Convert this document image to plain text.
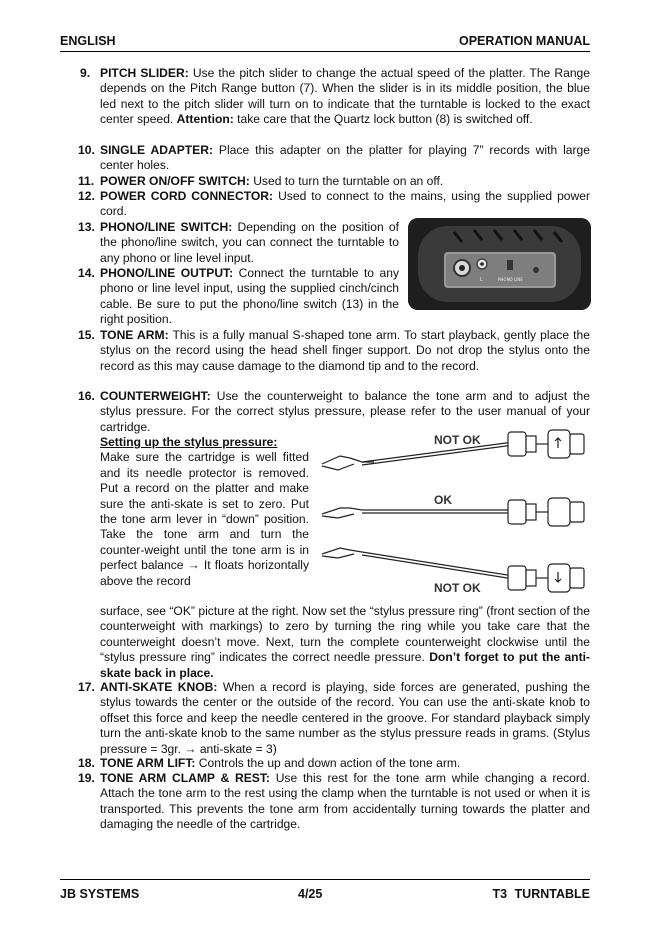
ENGLISH	OPERATION MANUAL
9. PITCH SLIDER: Use the pitch slider to change the actual speed of the platter. The Range depends on the Pitch Range button (7). When the slider is in its middle position, the blue led next to the pitch slider will turn on to indicate that the turntable is locked to the exact center speed. Attention: take care that the Quartz lock button (8) is switched off.
10. SINGLE ADAPTER: Place this adapter on the platter for playing 7” records with large center holes.
11. POWER ON/OFF SWITCH: Used to turn the turntable on an off.
12. POWER CORD CONNECTOR: Used to connect to the mains, using the supplied power cord.
13. PHONO/LINE SWITCH: Depending on the position of the phono/line switch, you can connect the turntable to any phono or line level input.
14. PHONO/LINE OUTPUT: Connect the turntable to any phono or line level input, using the supplied cinch/cinch cable. Be sure to put the phono/line switch (13) in the right position.
15. TONE ARM: This is a fully manual S-shaped tone arm. To start playback, gently place the stylus on the record using the head shell finger support. Do not drop the stylus onto the record as this may cause damage to the diamond tip and to the record.
16. COUNTERWEIGHT: Use the counterweight to balance the tone arm and to adjust the stylus pressure. For the correct stylus pressure, please refer to the user manual of your cartridge.
Setting up the stylus pressure:
Make sure the cartridge is well fitted and its needle protector is removed. Put a record on the platter and make sure the anti-skate is set to zero. Put the tone arm lever in “down” position. Take the tone arm and turn the counter-weight until the tone arm is in perfect balance → It floats horizontally above the record
surface, see “OK” picture at the right. Now set the “stylus pressure ring” (front section of the counterweight with markings) to zero by turning the ring while you take care that the counterweight doesn’t move. Next, turn the complete counterweight clockwise until the “stylus pressure ring” indicates the correct needle pressure. Don’t forget to put the anti-skate back in place.
17. ANTI-SKATE KNOB: When a record is playing, side forces are generated, pushing the stylus towards the center or the outside of the record. You can use the anti-skate knob to offset this force and keep the needle centered in the groove. For standard playback simply turn the anti-skate knob to the same number as the stylus pressure reads in grams. (Stylus pressure = 3gr. → anti-skate = 3)
18. TONE ARM LIFT: Controls the up and down action of the tone arm.
19. TONE ARM CLAMP & REST: Use this rest for the tone arm while changing a record. Attach the tone arm to the rest using the clamp when the turntable is not used or when it is transported. This prevents the tone arm from accidentally turning towards the platter and damaging the needle of the cartridge.
L	PHONO LINE
NOT OK
OK
NOT OK
JB SYSTEMS	4/25	T3 TURNTABLE
